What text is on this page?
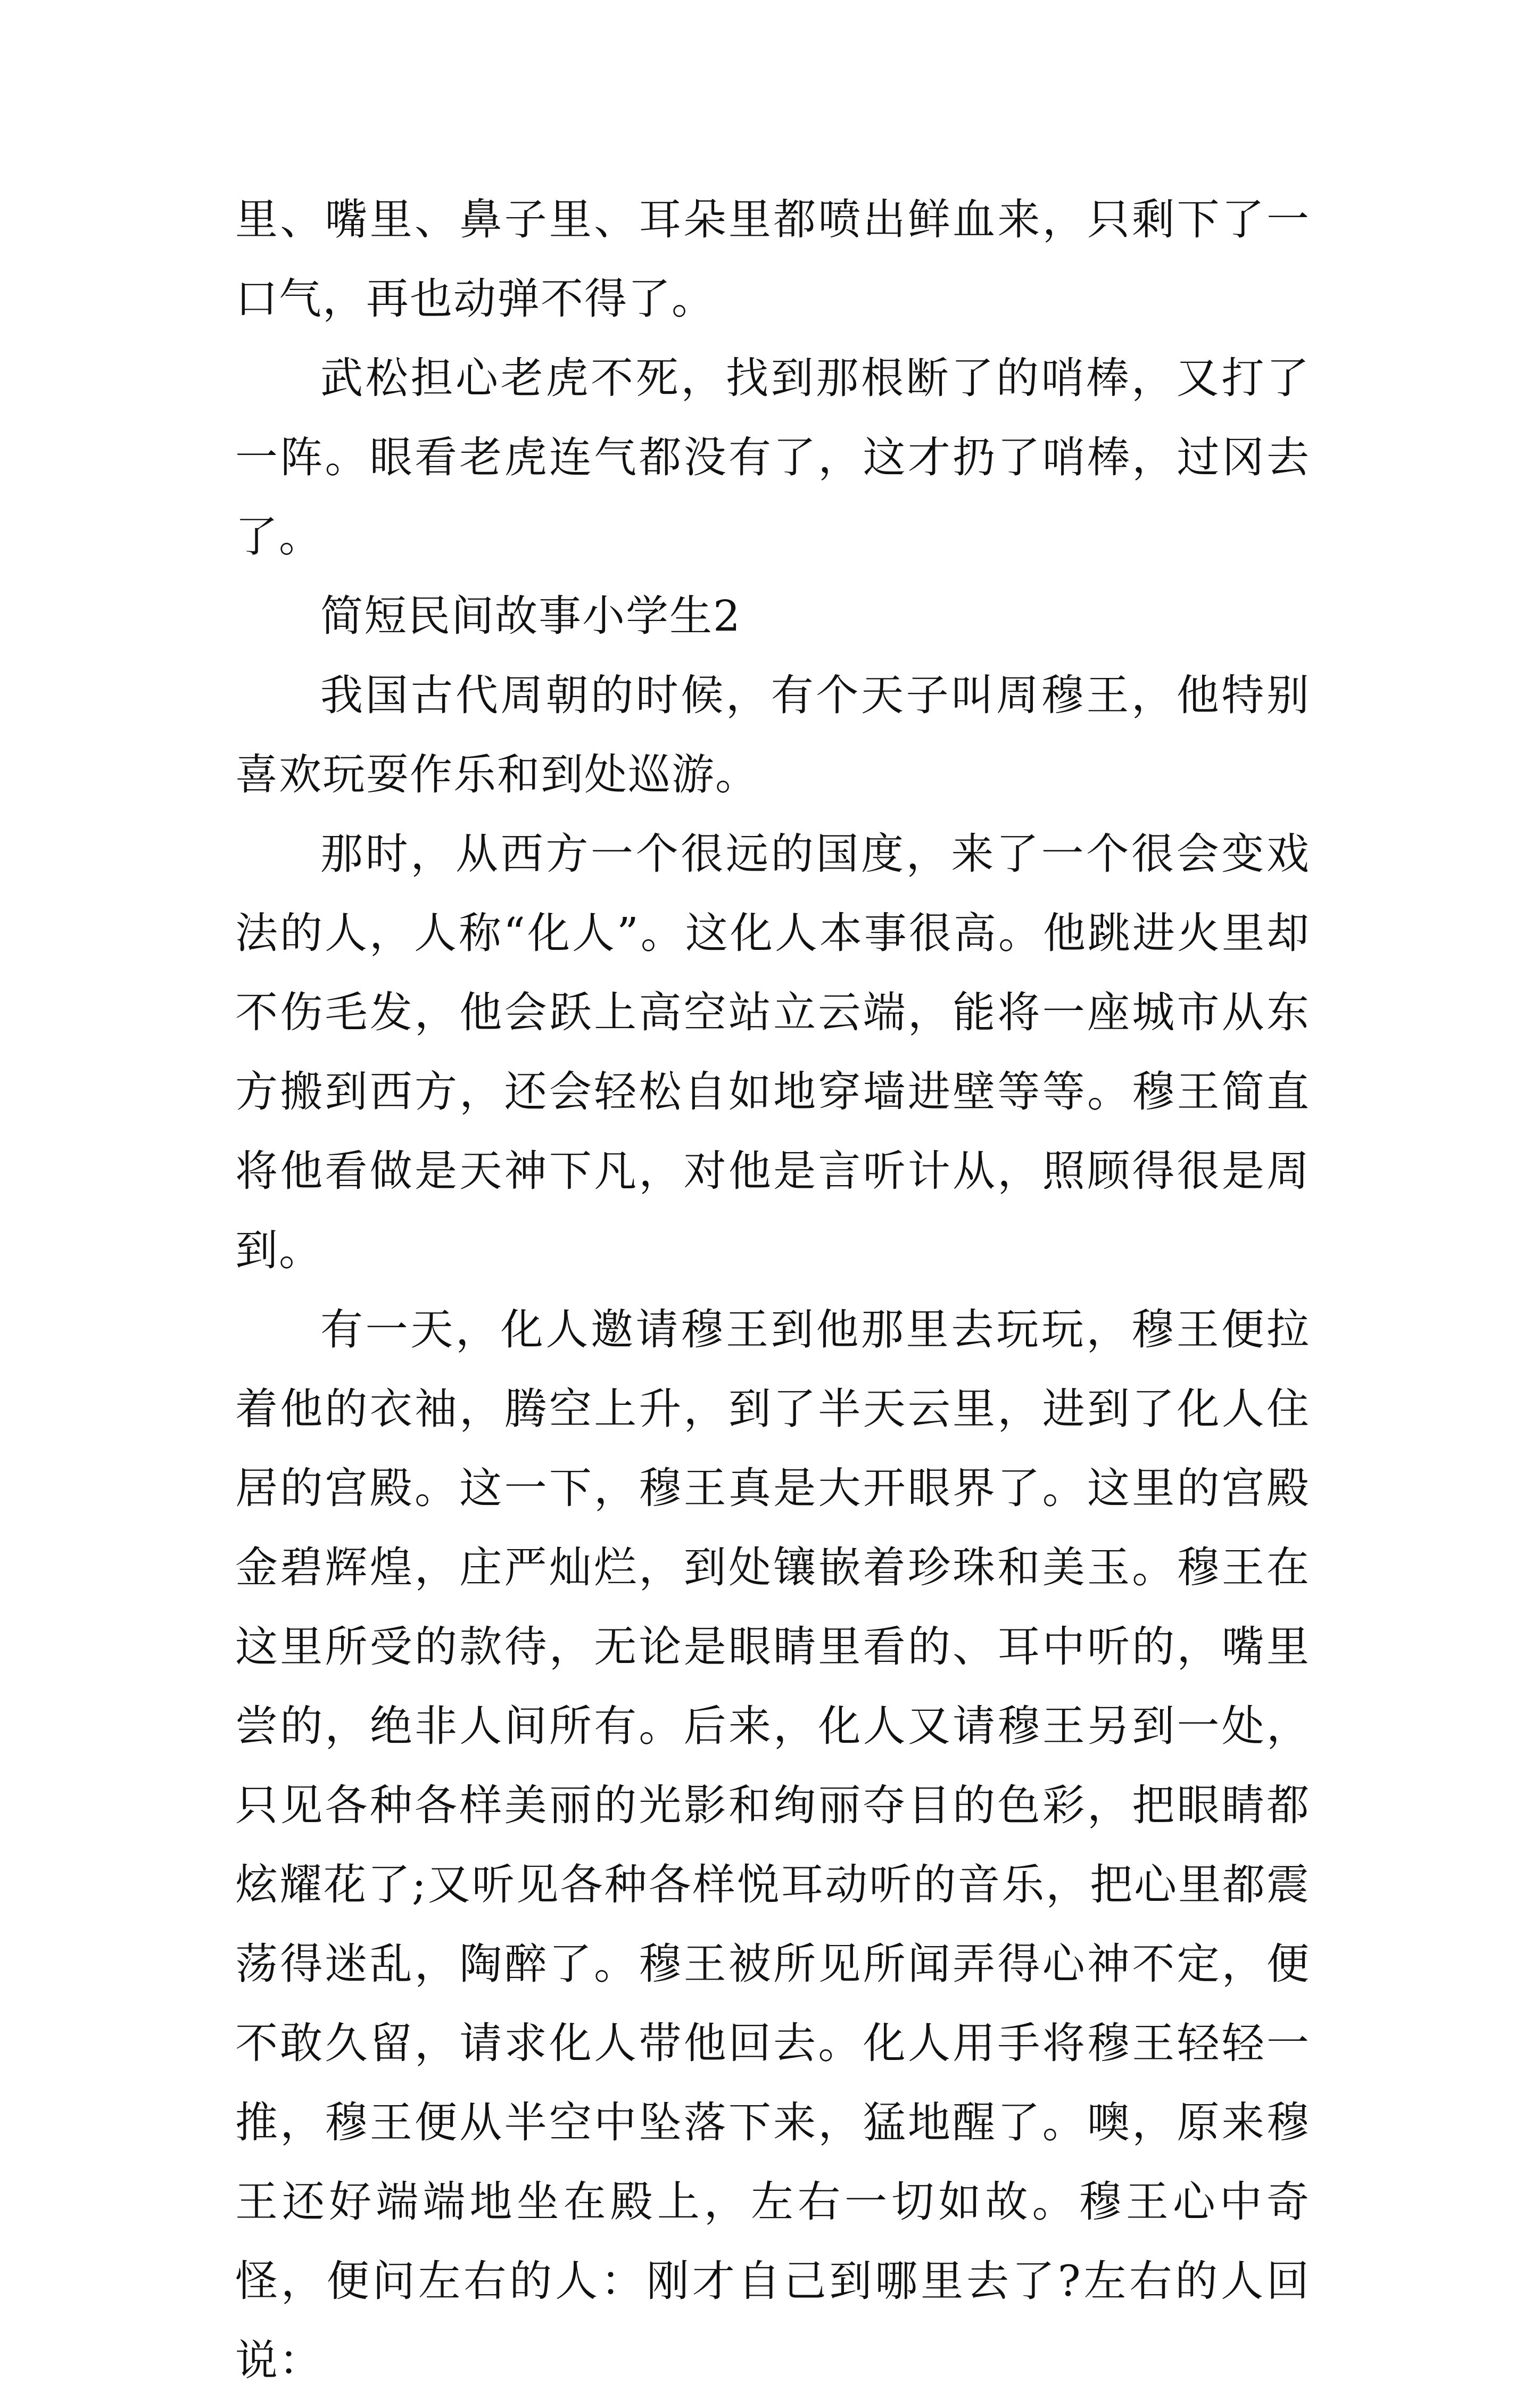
里、嘴里、鼻子里、耳朵里都喷出鲜血来，只剩下了一口气，再也动弹不得了。

武松担心老虎不死，找到那根断了的哨棒，又打了一阵。眼看老虎连气都没有了，这才扔了哨棒，过冈去了。

简短民间故事小学生2

我国古代周朝的时候，有个天子叫周穆王，他特别喜欢玩耍作乐和到处巡游。

那时，从西方一个很远的国度，来了一个很会变戏法的人，人称“化人”。这化人本事很高。他跳进火里却不伤毛发，他会跃上高空站立云端，能将一座城市从东方搬到西方，还会轻松自如地穿墙进壁等等。穆王简直将他看做是天神下凡，对他是言听计从，照顾得很是周到。

有一天，化人邀请穆王到他那里去玩玩，穆王便拉着他的衣袖，腾空上升，到了半天云里，进到了化人住居的宫殿。这一下，穆王真是大开眼界了。这里的宫殿金碧辉煌，庄严灿烂，到处镶嵌着珍珠和美玉。穆王在这里所受的款待，无论是眼睛里看的、耳中听的，嘴里尝的，绝非人间所有。后来，化人又请穆王另到一处，只见各种各样美丽的光影和绚丽夺目的色彩，把眼睛都炫耀花了;又听见各种各样悦耳动听的音乐，把心里都震荡得迷乱，陶醉了。穆王被所见所闻弄得心神不定，便不敢久留，请求化人带他回去。化人用手将穆王轻轻一推，穆王便从半空中坠落下来，猛地醒了。噢，原来穆王还好端端地坐在殿上，左右一切如故。穆王心中奇怪，便问左右的人：刚才自己到哪里去了?左右的人回说：
